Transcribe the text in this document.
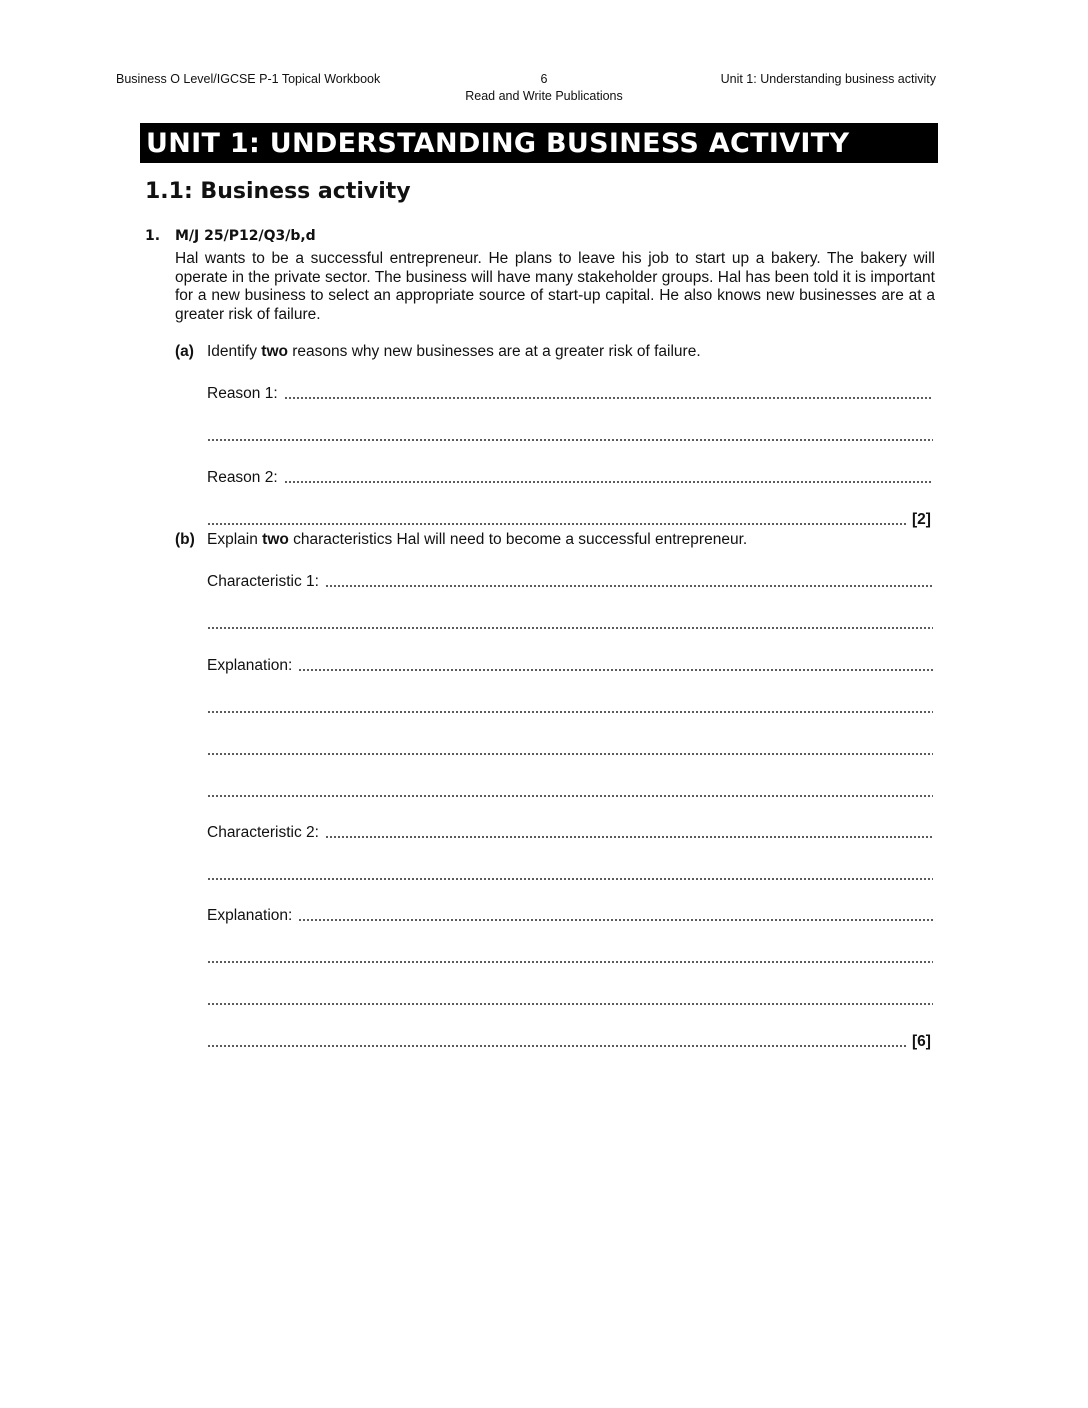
Business O Level/IGCSE P-1 Topical Workbook	6
Read and Write Publications
Unit 1: Understanding business activity
UNIT 1: UNDERSTANDING BUSINESS ACTIVITY
1.1: Business activity
1. M/J 25/P12/Q3/b,d
Hal wants to be a successful entrepreneur. He plans to leave his job to start up a bakery. The bakery will operate in the private sector. The business will have many stakeholder groups. Hal has been told it is important for a new business to select an appropriate source of start-up capital. He also knows new businesses are at a greater risk of failure.
(a) Identify two reasons why new businesses are at a greater risk of failure.
Reason 1:
Reason 2:
[2]
(b) Explain two characteristics Hal will need to become a successful entrepreneur.
Characteristic 1:
Explanation:
Characteristic 2:
Explanation:
[6]
